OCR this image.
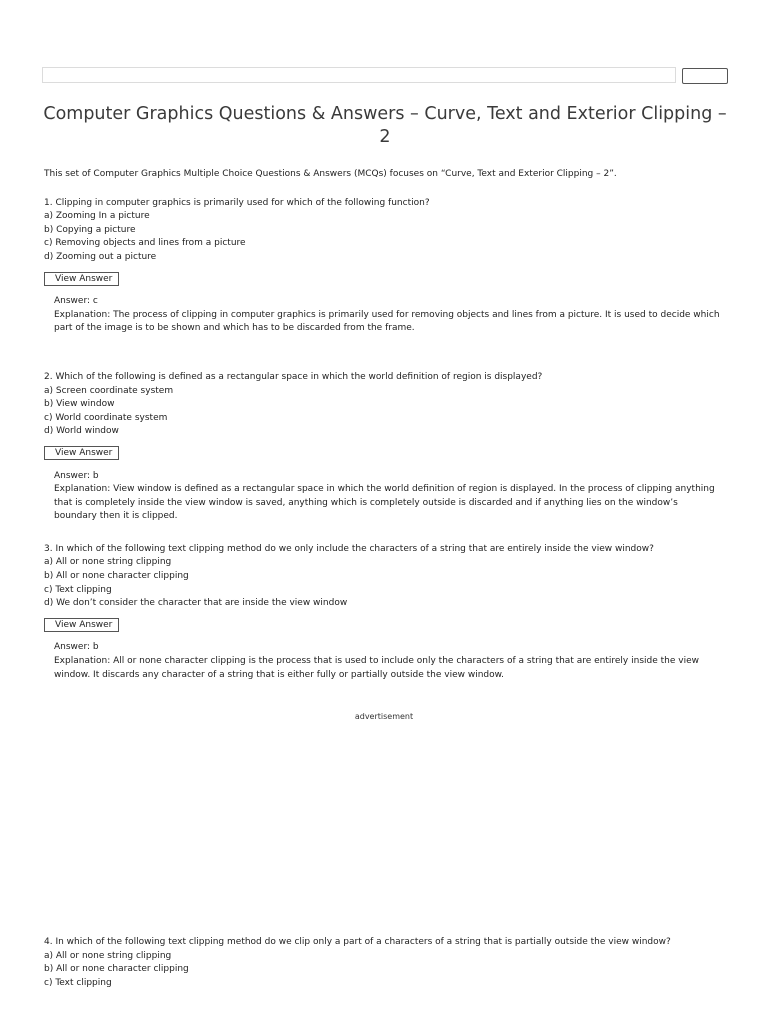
Computer Graphics Questions & Answers – Curve, Text and Exterior Clipping – 2

This set of Computer Graphics Multiple Choice Questions & Answers (MCQs) focuses on “Curve, Text and Exterior Clipping – 2”.

1. Clipping in computer graphics is primarily used for which of the following function?

a) Zooming In a picture

b) Copying a picture

c) Removing objects and lines from a picture

d) Zooming out a picture

View Answer

Answer: c

Explanation: The process of clipping in computer graphics is primarily used for removing objects and lines from a picture. It is used to decide which part of the image is to be shown and which has to be discarded from the frame.

2. Which of the following is defined as a rectangular space in which the world definition of region is displayed?

a) Screen coordinate system

b) View window

c) World coordinate system

d) World window

View Answer

Answer: b

Explanation: View window is defined as a rectangular space in which the world definition of region is displayed. In the process of clipping anything that is completely inside the view window is saved, anything which is completely outside is discarded and if anything lies on the window’s boundary then it is clipped.

3. In which of the following text clipping method do we only include the characters of a string that are entirely inside the view window?

a) All or none string clipping

b) All or none character clipping

c) Text clipping

d) We don’t consider the character that are inside the view window

View Answer

Answer: b

Explanation: All or none character clipping is the process that is used to include only the characters of a string that are entirely inside the view window. It discards any character of a string that is either fully or partially outside the view window.

advertisement

4. In which of the following text clipping method do we clip only a part of a characters of a string that is partially outside the view window?

a) All or none string clipping

b) All or none character clipping

c) Text clipping
